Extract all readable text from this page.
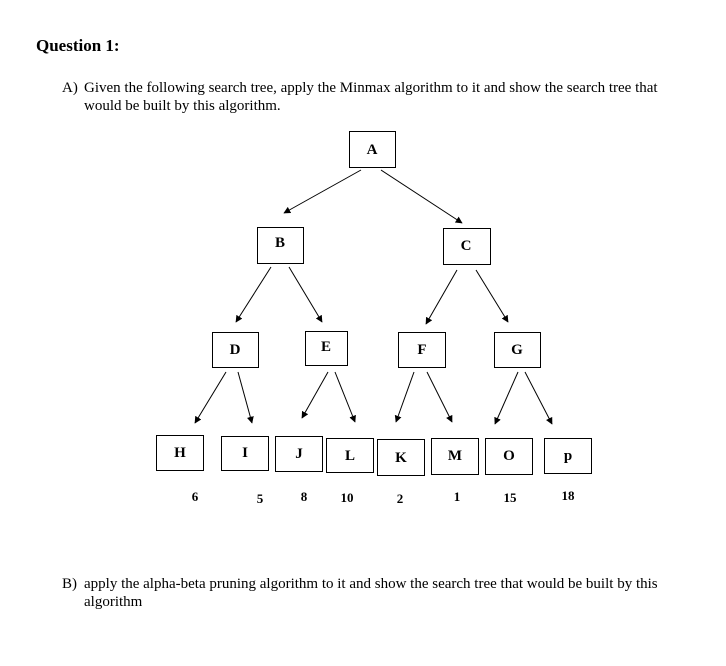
Question 1:

A) Given the following search tree, apply the Minmax algorithm to it and show the search tree that would be built by this algorithm.

A
B	C
D	E	F	G
H	I	J	L	K	M	O	p
6	5	8	10	2	1	15	18

B) apply the alpha-beta pruning algorithm to it and show the search tree that would be built by this algorithm
